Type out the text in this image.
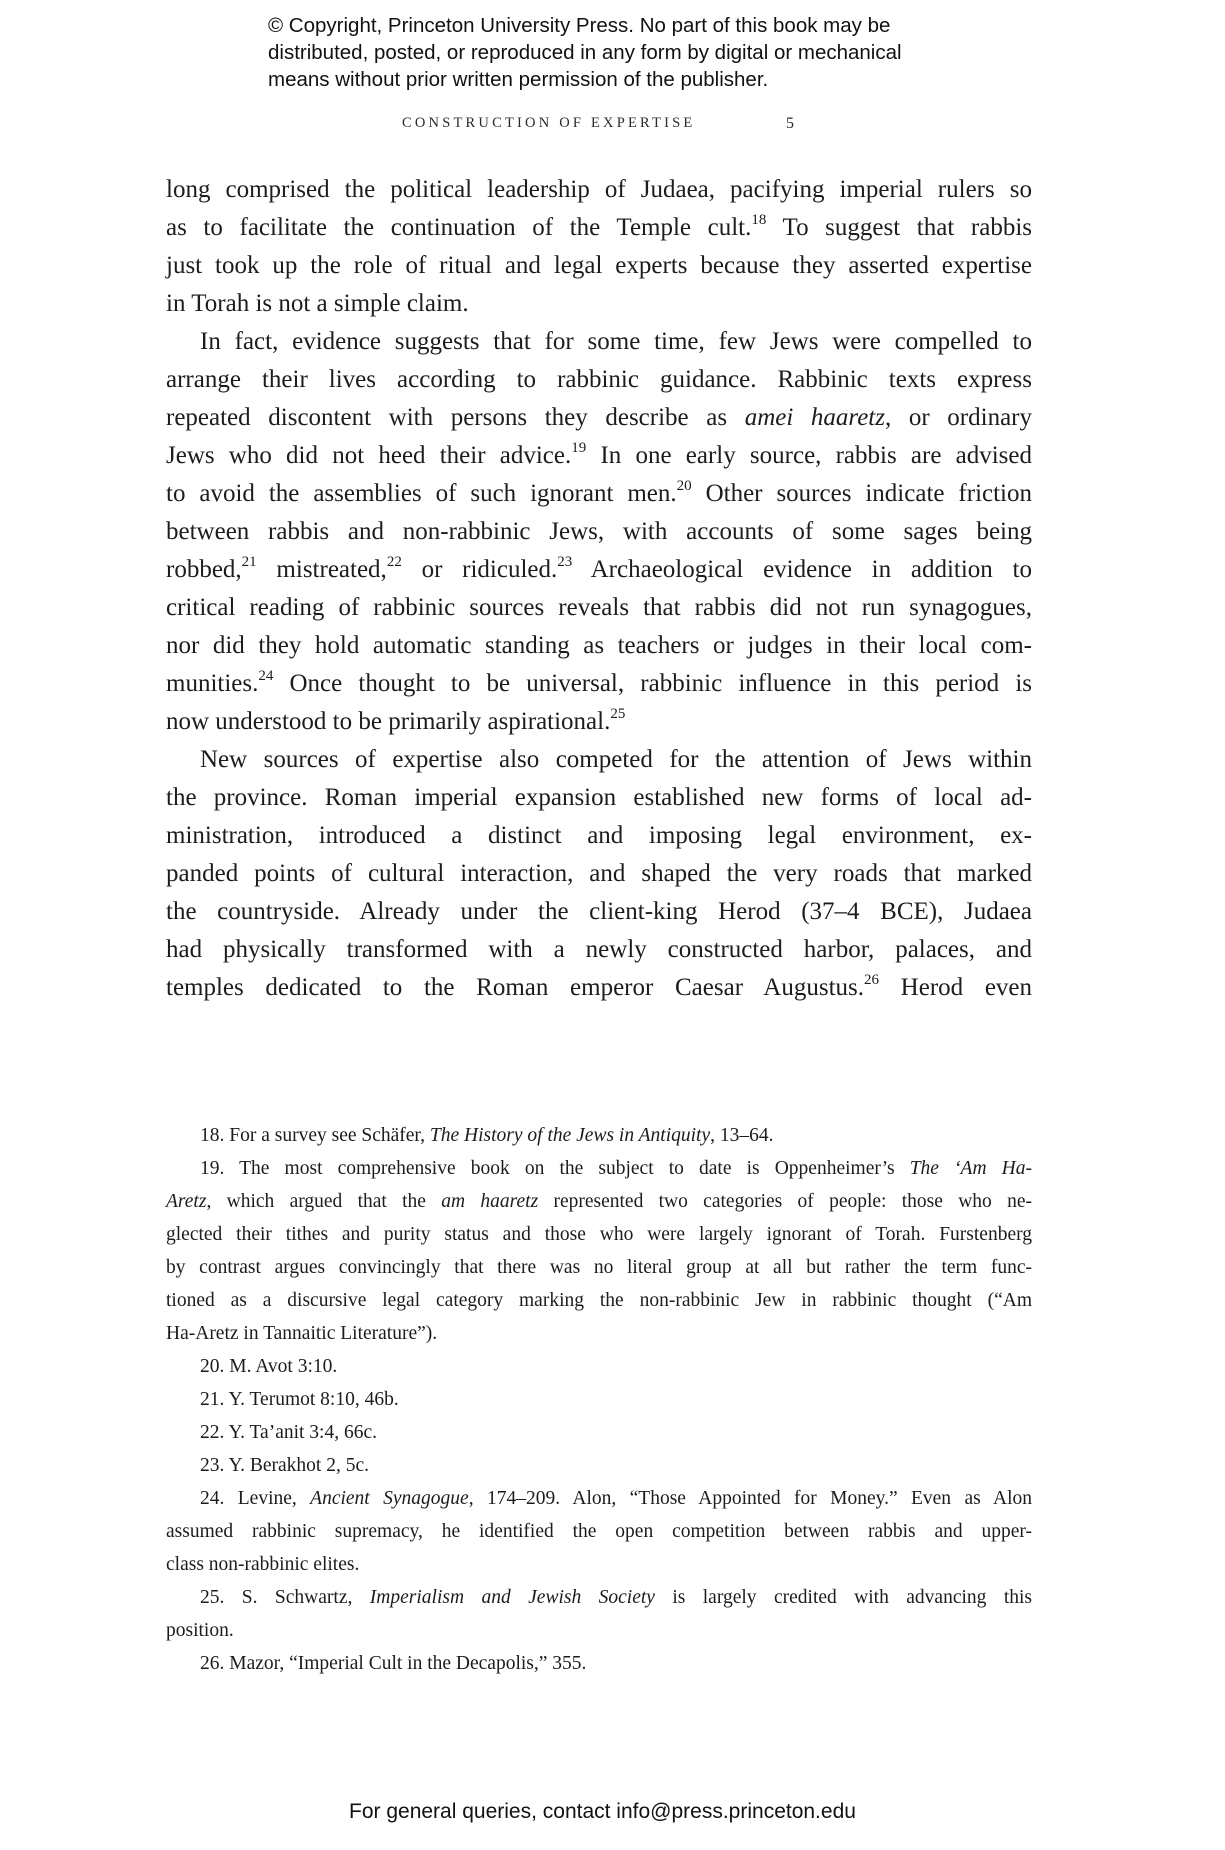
© Copyright, Princeton University Press. No part of this book may be
distributed, posted, or reproduced in any form by digital or mechanical
means without prior written permission of the publisher.
CONSTRUCTION OF EXPERTISE	5
long comprised the political leadership of Judaea, pacifying imperial rulers so
as to facilitate the continuation of the Temple cult.$^{18}$ To suggest that rabbis
just took up the role of ritual and legal experts because they asserted expertise
in Torah is not a simple claim.
In fact, evidence suggests that for some time, few Jews were compelled to
arrange their lives according to rabbinic guidance. Rabbinic texts express
repeated discontent with persons they describe as amei haaretz, or ordinary
Jews who did not heed their advice.$^{19}$ In one early source, rabbis are advised
to avoid the assemblies of such ignorant men.$^{20}$ Other sources indicate friction
between rabbis and non-rabbinic Jews, with accounts of some sages being
robbed,$^{21}$ mistreated,$^{22}$ or ridiculed.$^{23}$ Archaeological evidence in addition to
critical reading of rabbinic sources reveals that rabbis did not run synagogues,
nor did they hold automatic standing as teachers or judges in their local com-
munities.$^{24}$ Once thought to be universal, rabbinic influence in this period is
now understood to be primarily aspirational.$^{25}$
New sources of expertise also competed for the attention of Jews within
the province. Roman imperial expansion established new forms of local ad-
ministration, introduced a distinct and imposing legal environment, ex-
panded points of cultural interaction, and shaped the very roads that marked
the countryside. Already under the client-king Herod (37–4 BCE), Judaea
had physically transformed with a newly constructed harbor, palaces, and
temples dedicated to the Roman emperor Caesar Augustus.$^{26}$ Herod even
18. For a survey see Schäfer, The History of the Jews in Antiquity, 13–64.
19. The most comprehensive book on the subject to date is Oppenheimer’s The ‘Am Ha-
Aretz, which argued that the am haaretz represented two categories of people: those who ne-
glected their tithes and purity status and those who were largely ignorant of Torah. Furstenberg
by contrast argues convincingly that there was no literal group at all but rather the term func-
tioned as a discursive legal category marking the non-rabbinic Jew in rabbinic thought (“Am
Ha-Aretz in Tannaitic Literature”).
20. M. Avot 3:10.
21. Y. Terumot 8:10, 46b.
22. Y. Ta’anit 3:4, 66c.
23. Y. Berakhot 2, 5c.
24. Levine, Ancient Synagogue, 174–209. Alon, “Those Appointed for Money.” Even as Alon
assumed rabbinic supremacy, he identified the open competition between rabbis and upper-
class non-rabbinic elites.
25. S. Schwartz, Imperialism and Jewish Society is largely credited with advancing this
position.
26. Mazor, “Imperial Cult in the Decapolis,” 355.
For general queries, contact info@press.princeton.edu
